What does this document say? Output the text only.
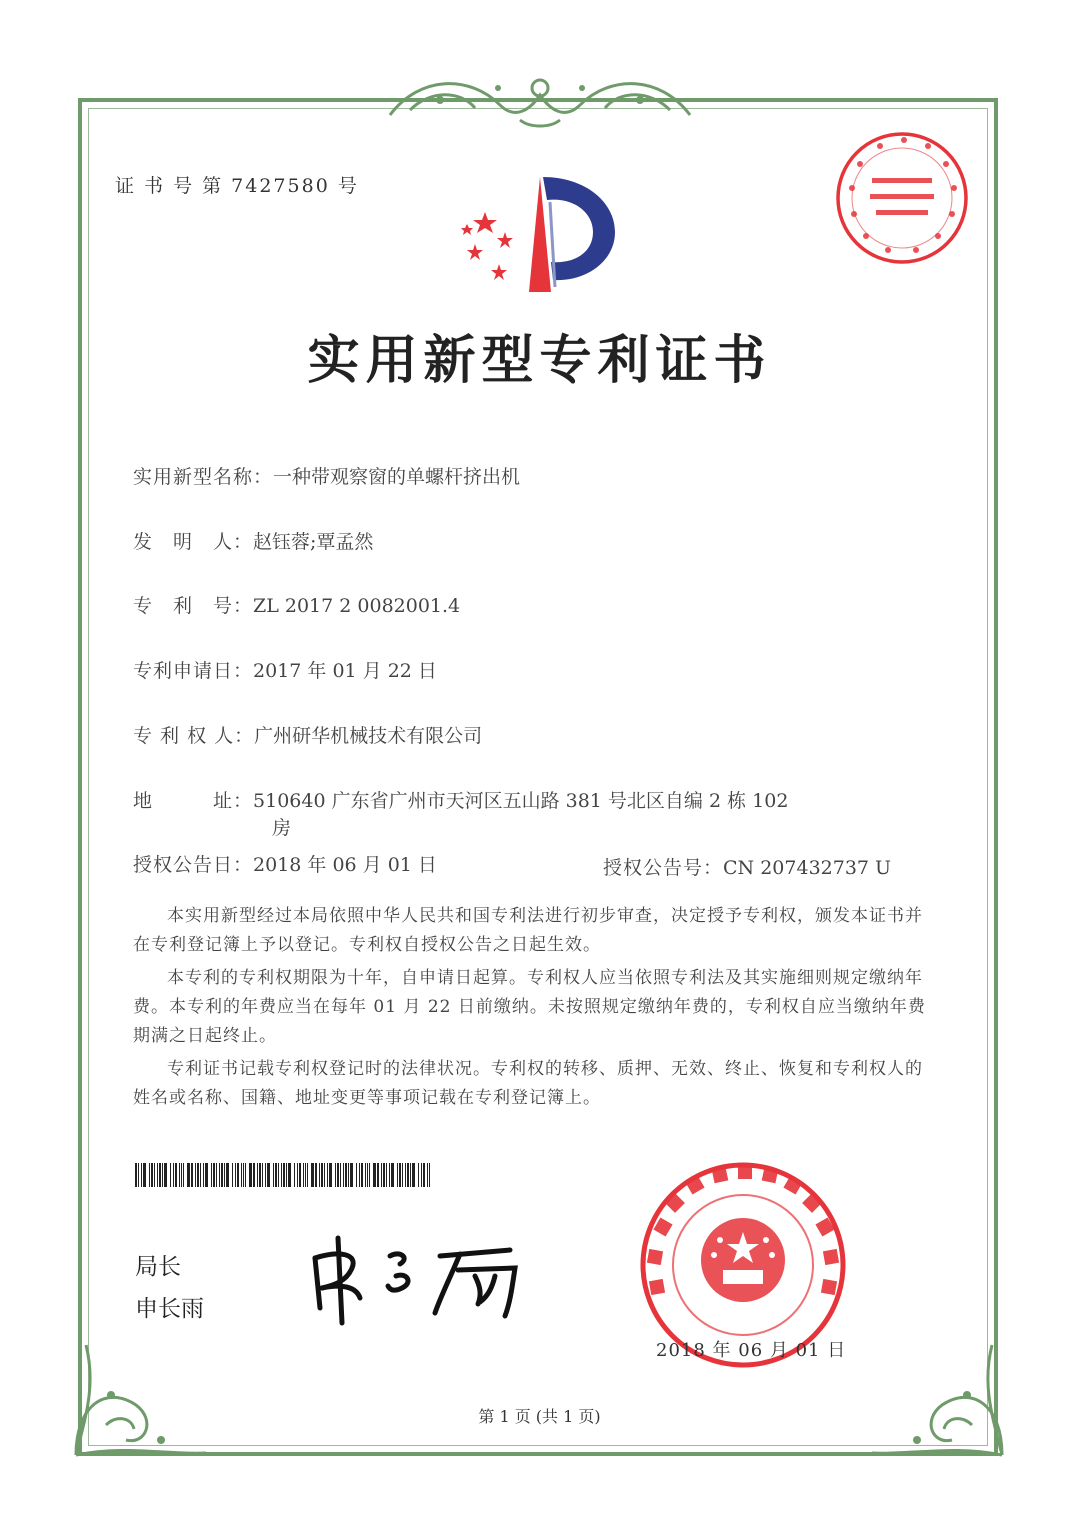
证 书 号 第 7427580 号
实用新型专利证书
实用新型名称：一种带观察窗的单螺杆挤出机
发　明　人：赵钰蓉;覃孟然
专　利　号：ZL 2017 2 0082001.4
专利申请日：2017 年 01 月 22 日
专 利 权 人：广州研华机械技术有限公司
地　　　址：510640 广东省广州市天河区五山路 381 号北区自编 2 栋 102
房
授权公告日：2018 年 06 月 01 日	授权公告号：CN 207432737 U

本实用新型经过本局依照中华人民共和国专利法进行初步审查，决定授予专利权，颁发本证书并在专利登记簿上予以登记。专利权自授权公告之日起生效。

本专利的专利权期限为十年，自申请日起算。专利权人应当依照专利法及其实施细则规定缴纳年费。本专利的年费应当在每年 01 月 22 日前缴纳。未按照规定缴纳年费的，专利权自应当缴纳年费期满之日起终止。

专利证书记载专利权登记时的法律状况。专利权的转移、质押、无效、终止、恢复和专利权人的姓名或名称、国籍、地址变更等事项记载在专利登记簿上。

局长
申长雨
2018 年 06 月 01 日
第 1 页 (共 1 页)
